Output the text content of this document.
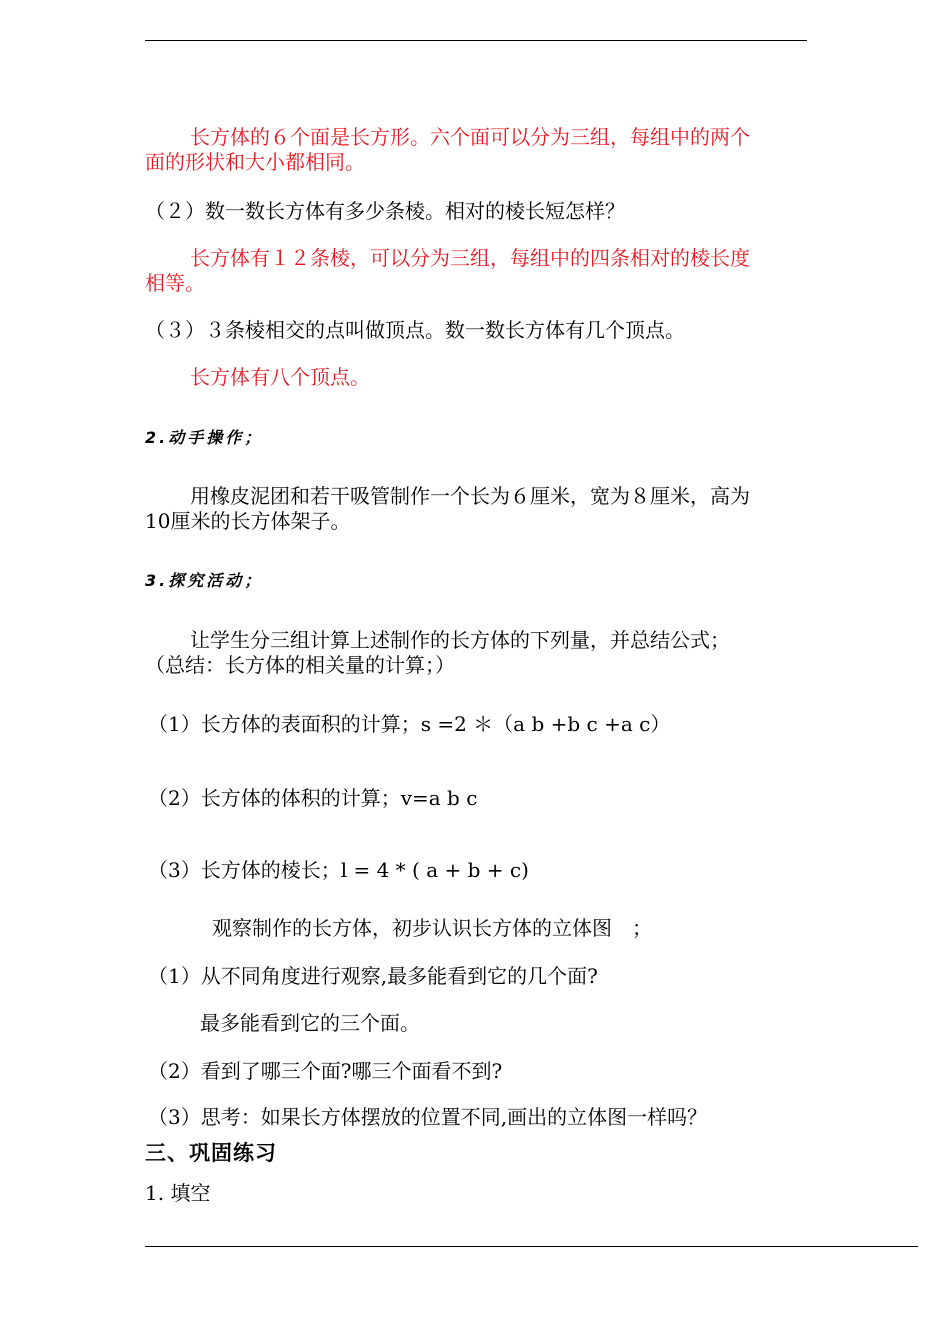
长方体的６个面是长方形。六个面可以分为三组，每组中的两个

面的形状和大小都相同。

（２）数一数长方体有多少条棱。相对的棱长短怎样？

长方体有１２条棱，可以分为三组，每组中的四条相对的棱长度

相等。

（３）３条棱相交的点叫做顶点。数一数长方体有几个顶点。

长方体有八个顶点。

2.动手操作；

用橡皮泥团和若干吸管制作一个长为６厘米，宽为８厘米，高为

10厘米的长方体架子。

3.探究活动；

让学生分三组计算上述制作的长方体的下列量，并总结公式；

（总结：长方体的相关量的计算；）

（1）长方体的表面积的计算；s =2 ＊（a b +b c +a c）

（2）长方体的体积的计算；v=a b c

（3）长方体的棱长；l = 4 * ( a + b + c)

观察制作的长方体，初步认识长方体的立体图　；

（1）从不同角度进行观察,最多能看到它的几个面?

最多能看到它的三个面。

（2）看到了哪三个面?哪三个面看不到?

（3）思考：如果长方体摆放的位置不同,画出的立体图一样吗？

三、巩固练习

1. 填空
